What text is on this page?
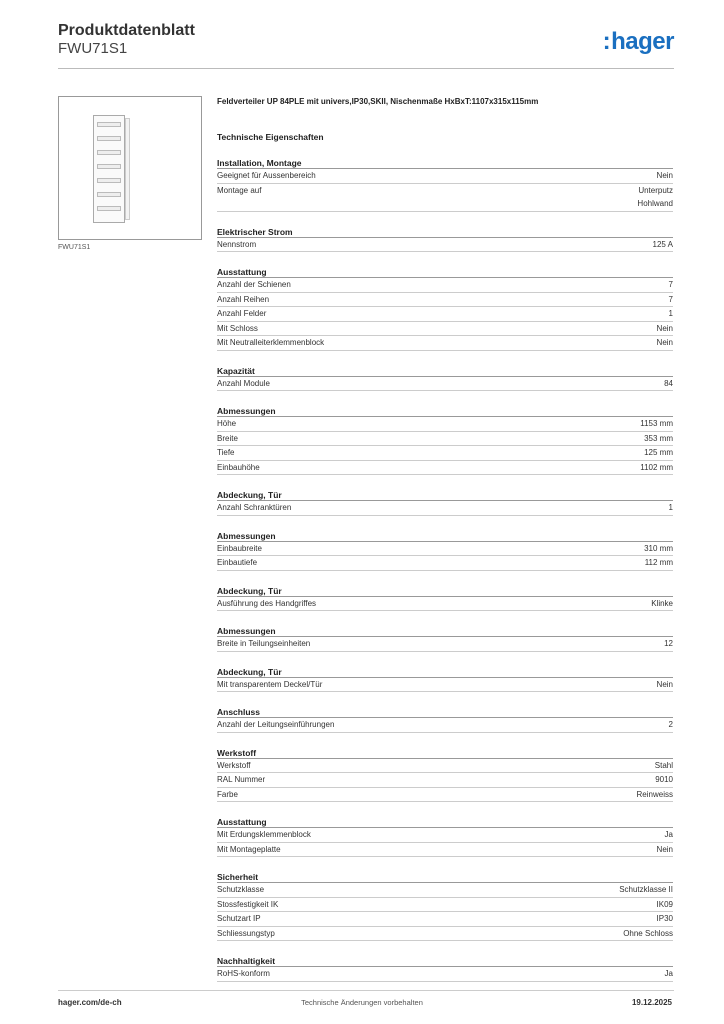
Produktdatenblatt
FWU71S1	:hager
FWU71S1
Feldverteiler UP 84PLE mit univers,IP30,SKII, Nischenmaße HxBxT:1107x315x115mm
Technische Eigenschaften
Installation, Montage
Geeignet für Aussenbereich	Nein
Montage auf	Unterputz
Hohlwand
Elektrischer Strom
Nennstrom	125 A
Ausstattung
Anzahl der Schienen	7
Anzahl Reihen	7
Anzahl Felder	1
Mit Schloss	Nein
Mit Neutralleiterklemmenblock	Nein
Kapazität
Anzahl Module	84
Abmessungen
Höhe	1153 mm
Breite	353 mm
Tiefe	125 mm
Einbauhöhe	1102 mm
Abdeckung, Tür
Anzahl Schranktüren	1
Abmessungen
Einbaubreite	310 mm
Einbautiefe	112 mm
Abdeckung, Tür
Ausführung des Handgriffes	Klinke
Abmessungen
Breite in Teilungseinheiten	12
Abdeckung, Tür
Mit transparentem Deckel/Tür	Nein
Anschluss
Anzahl der Leitungseinführungen	2
Werkstoff
Werkstoff	Stahl
RAL Nummer	9010
Farbe	Reinweiss
Ausstattung
Mit Erdungsklemmenblock	Ja
Mit Montageplatte	Nein
Sicherheit
Schutzklasse	Schutzklasse II
Stossfestigkeit IK	IK09
Schutzart IP	IP30
Schliessungstyp	Ohne Schloss
Nachhaltigkeit
RoHS-konform	Ja
hager.com/de-ch	Technische Änderungen vorbehalten	19.12.2025
